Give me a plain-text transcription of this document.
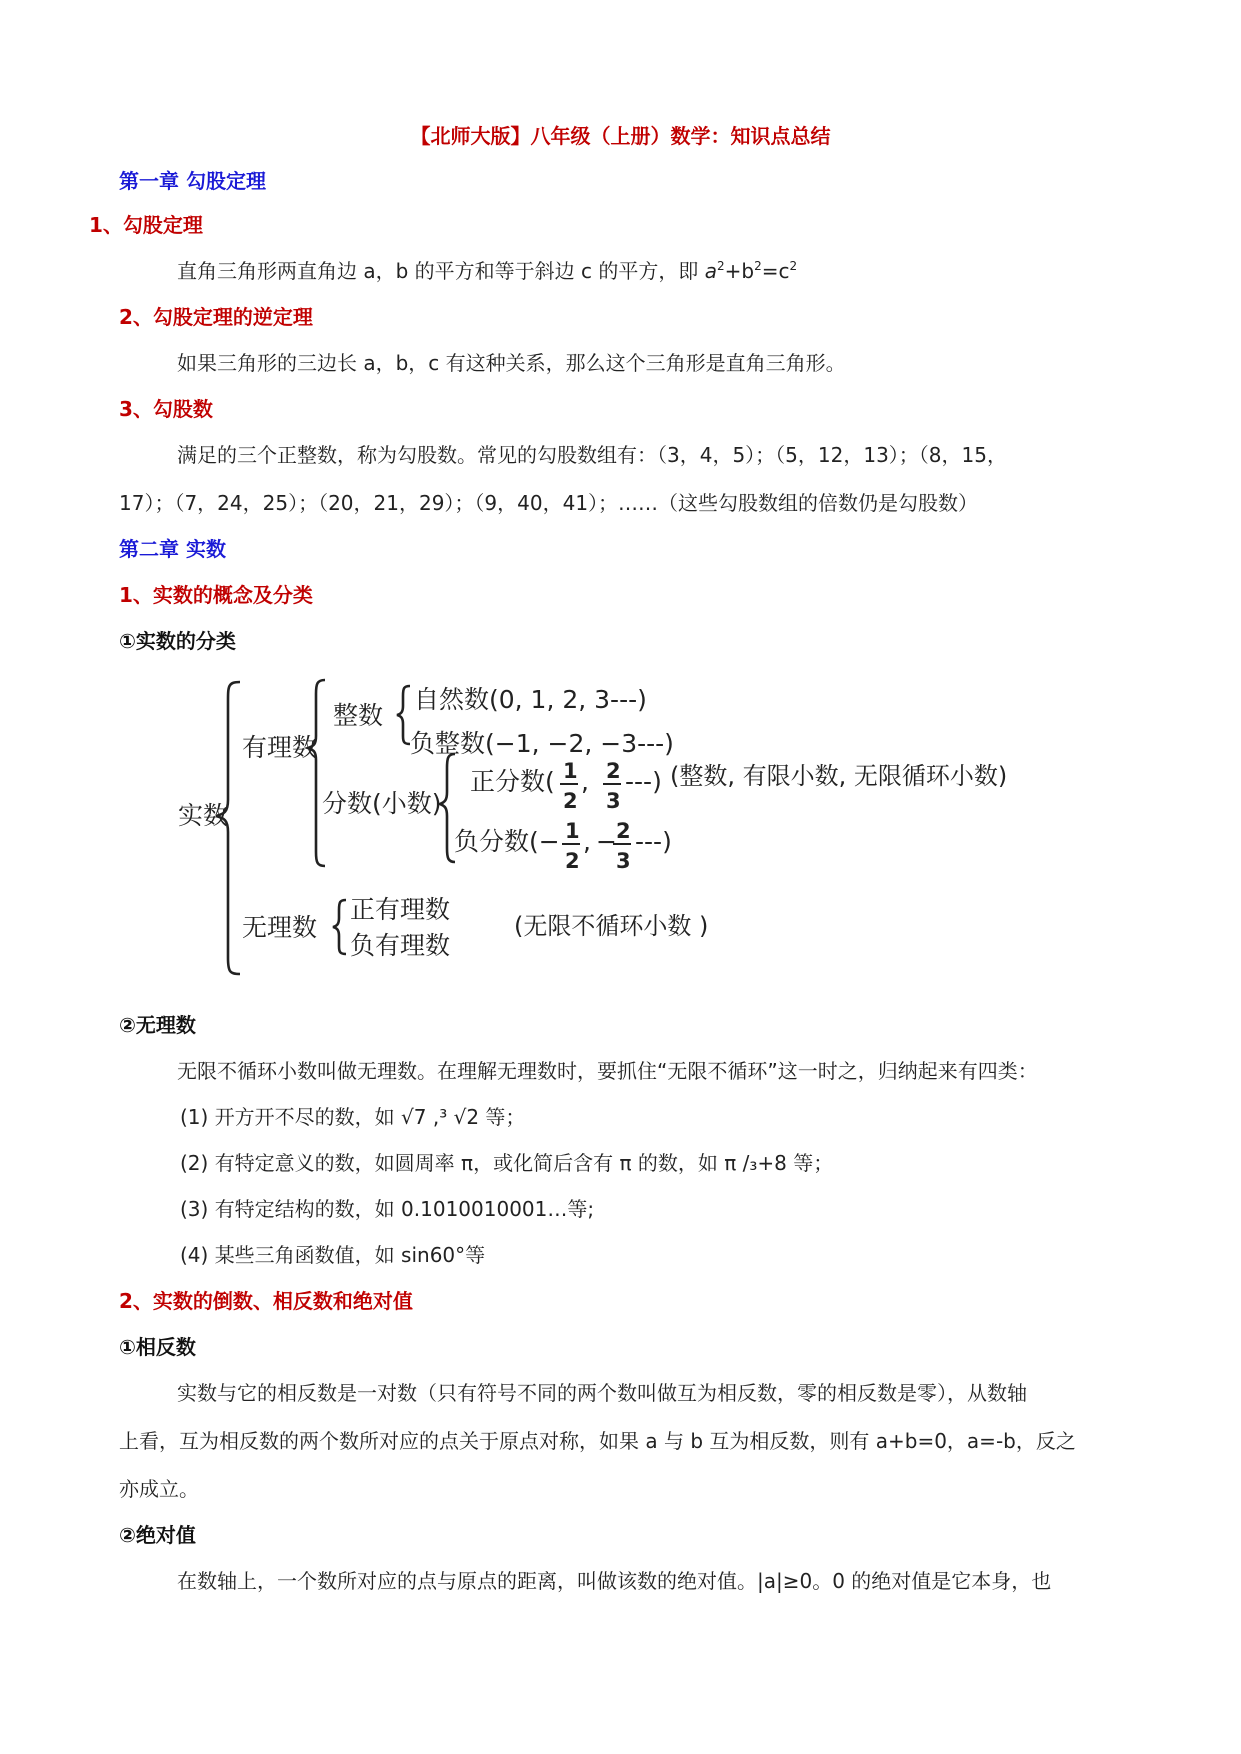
【北师大版】八年级（上册）数学：知识点总结
第一章 勾股定理
1、勾股定理
直角三角形两直角边 a，b 的平方和等于斜边 c 的平方，即 $a^2+b^2=c^2$
2、勾股定理的逆定理
如果三角形的三边长 a，b，c 有这种关系，那么这个三角形是直角三角形。
3、勾股数
满足的三个正整数，称为勾股数。常见的勾股数组有：（3，4，5）；（5，12，13）；（8，15，
17）；（7，24，25）；（20，21，29）；（9，40，41）；……（这些勾股数组的倍数仍是勾股数）
第二章 实数
1、实数的概念及分类
①实数的分类
实数
有理数
整数
自然数(0, 1, 2, 3---)
负整数(−1, −2, −3---)
分数(小数)
正分数( 1
2
, 2
3
---) (整数, 有限小数, 无限循环小数)
负分数(− 1
2
, − 2
3
---)
无理数
正有理数
负有理数
(无限不循环小数 )
②无理数
无限不循环小数叫做无理数。在理解无理数时，要抓住“无限不循环”这一时之，归纳起来有四类：
(1) 开方开不尽的数，如 √7 ,³ √2 等；
(2) 有特定意义的数，如圆周率 π，或化简后含有 π 的数，如 π /₃+8 等；
(3) 有特定结构的数，如 0.1010010001…等;
(4) 某些三角函数值，如 sin60°等
2、实数的倒数、相反数和绝对值
①相反数
实数与它的相反数是一对数（只有符号不同的两个数叫做互为相反数，零的相反数是零），从数轴
上看，互为相反数的两个数所对应的点关于原点对称，如果 a 与 b 互为相反数，则有 a+b=0，a=-b，反之
亦成立。
②绝对值
在数轴上，一个数所对应的点与原点的距离，叫做该数的绝对值。|a|≥0。0 的绝对值是它本身，也
